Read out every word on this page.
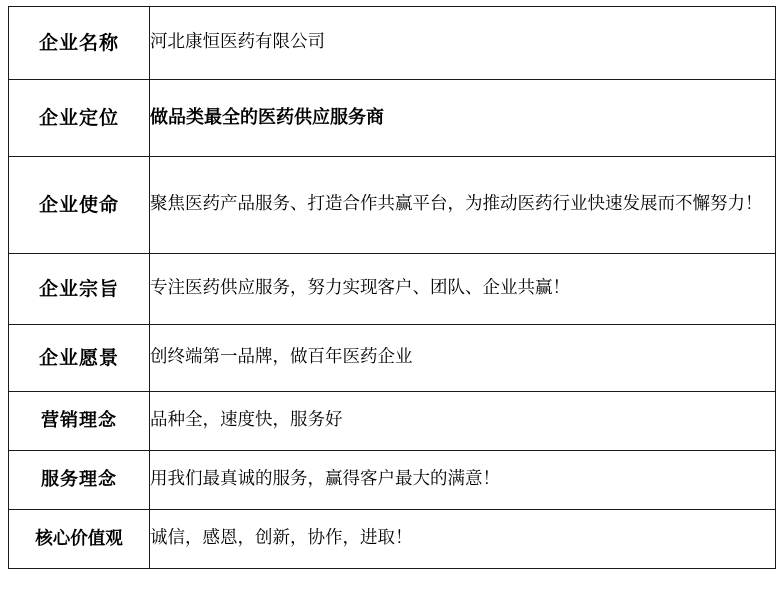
企业名称	河北康恒医药有限公司
企业定位	做品类最全的医药供应服务商
企业使命	聚焦医药产品服务、打造合作共赢平台，为推动医药行业快速发展而不懈努力！
企业宗旨	专注医药供应服务，努力实现客户、团队、企业共赢！
企业愿景	创终端第一品牌，做百年医药企业
营销理念	品种全，速度快，服务好
服务理念	用我们最真诚的服务，赢得客户最大的满意！
核心价值观	诚信，感恩，创新，协作，进取！
